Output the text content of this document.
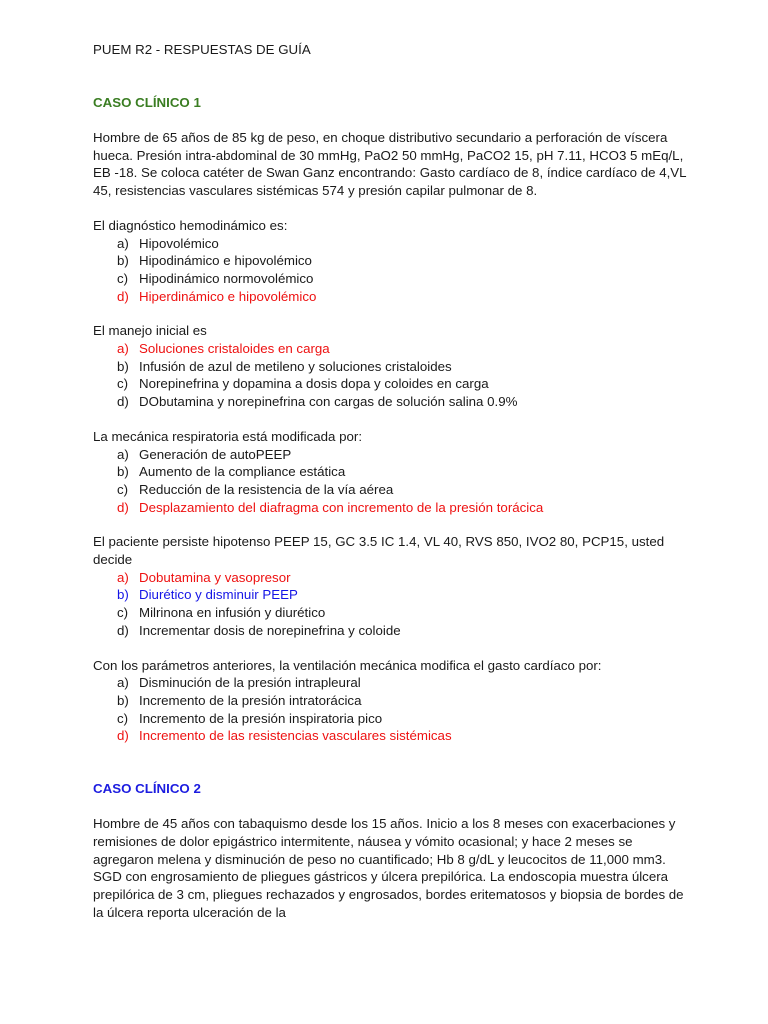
PUEM R2 - RESPUESTAS DE GUÍA
CASO CLÍNICO 1
Hombre de 65 años de 85 kg de peso, en choque distributivo secundario a perforación de víscera hueca. Presión intra-abdominal de 30 mmHg, PaO2 50 mmHg, PaCO2 15, pH 7.11, HCO3 5 mEq/L, EB -18. Se coloca catéter de Swan Ganz encontrando: Gasto cardíaco de 8, índice cardíaco de 4,VL 45, resistencias vasculares sistémicas 574 y presión capilar pulmonar de 8.
El diagnóstico hemodinámico es:
a) Hipovolémico
b) Hipodinámico e hipovolémico
c) Hipodinámico normovolémico
d) Hiperdinámico e hipovolémico
El manejo inicial es
a) Soluciones cristaloides en carga
b) Infusión de azul de metileno y soluciones cristaloides
c) Norepinefrina y dopamina a dosis dopa y coloides en carga
d) DObutamina y norepinefrina con cargas de solución salina 0.9%
La mecánica respiratoria está modificada por:
a) Generación de autoPEEP
b) Aumento de la compliance estática
c) Reducción de la resistencia de la vía aérea
d) Desplazamiento del diafragma con incremento de la presión torácica
El paciente persiste hipotenso PEEP 15, GC 3.5 IC 1.4, VL 40, RVS 850, IVO2 80, PCP15, usted decide
a) Dobutamina y vasopresor
b) Diurético y disminuir PEEP
c) Milrinona en infusión y diurético
d) Incrementar dosis de norepinefrina y coloide
Con los parámetros anteriores, la ventilación mecánica modifica el gasto cardíaco por:
a) Disminución de la presión intrapleural
b) Incremento de la presión intratorácica
c) Incremento de la presión inspiratoria pico
d) Incremento de las resistencias vasculares sistémicas
CASO CLÍNICO 2
Hombre de 45 años con tabaquismo desde los 15 años. Inicio a los 8 meses con exacerbaciones y remisiones de dolor epigástrico intermitente, náusea y vómito ocasional; y hace 2 meses se agregaron melena y disminución de peso no cuantificado; Hb 8 g/dL y leucocitos de 11,000 mm3. SGD con engrosamiento de pliegues gástricos y úlcera prepilórica. La endoscopia muestra úlcera prepilórica de 3 cm, pliegues rechazados y engrosados, bordes eritematosos y biopsia de bordes de la úlcera reporta ulceración de la
